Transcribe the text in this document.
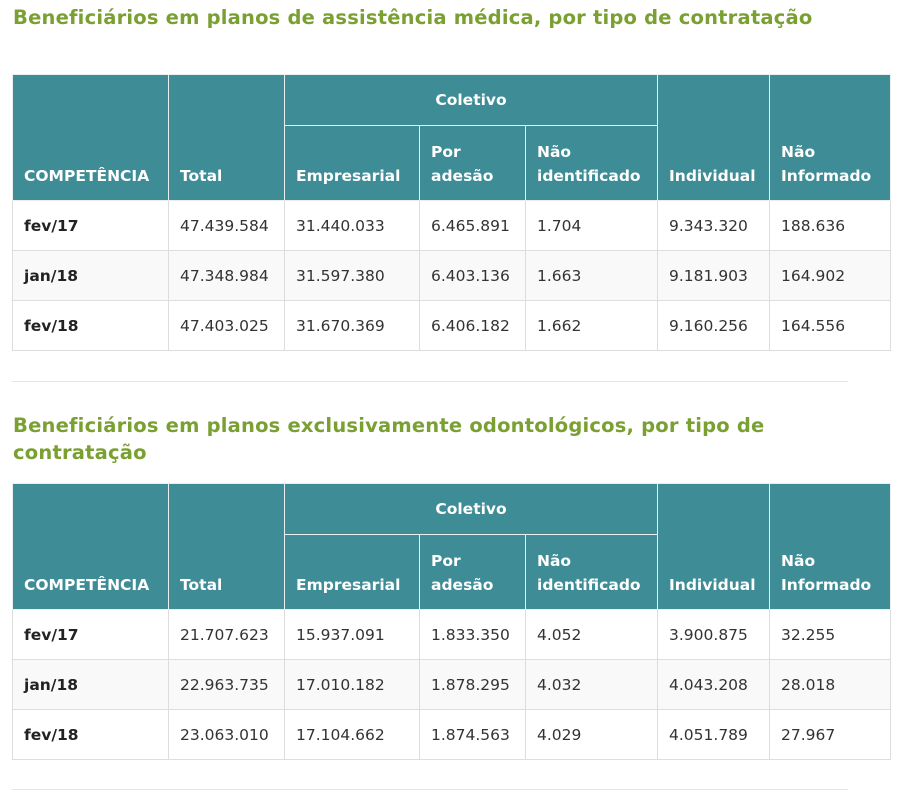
Beneficiários em planos de assistência médica, por tipo de contratação
COMPETÊNCIA	Total	Coletivo			Individual	Não Informado
		Empresarial	Por adesão	Não identificado		
fev/17	47.439.584	31.440.033	6.465.891	1.704	9.343.320	188.636
jan/18	47.348.984	31.597.380	6.403.136	1.663	9.181.903	164.902
fev/18	47.403.025	31.670.369	6.406.182	1.662	9.160.256	164.556
Beneficiários em planos exclusivamente odontológicos, por tipo de contratação
COMPETÊNCIA	Total	Coletivo			Individual	Não Informado
		Empresarial	Por adesão	Não identificado		
fev/17	21.707.623	15.937.091	1.833.350	4.052	3.900.875	32.255
jan/18	22.963.735	17.010.182	1.878.295	4.032	4.043.208	28.018
fev/18	23.063.010	17.104.662	1.874.563	4.029	4.051.789	27.967
